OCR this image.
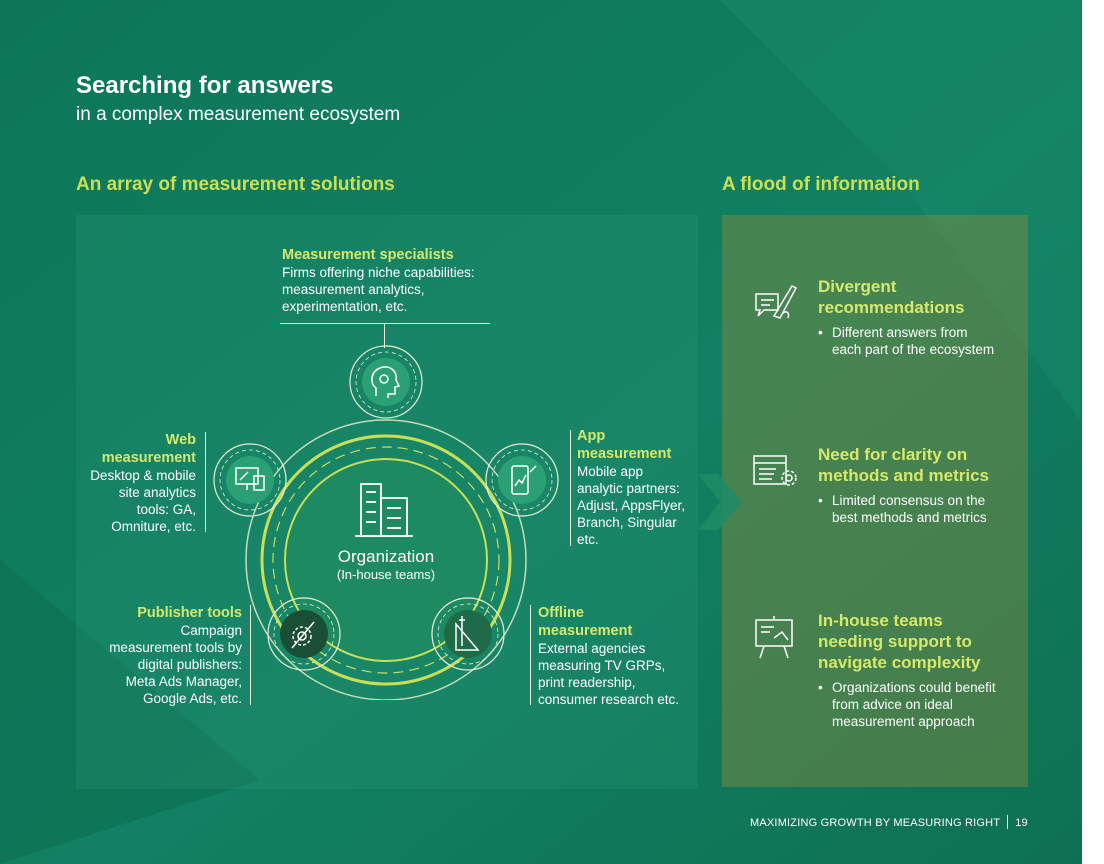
Searching for answers
in a complex measurement ecosystem
An array of measurement solutions	A flood of information
Organization
(In-house teams)
Measurement specialists
Firms offering niche capabilities:
measurement analytics,
experimentation, etc.
App
measurement
Mobile app
analytic partners:
Adjust, AppsFlyer,
Branch, Singular
etc.
Offline
measurement
External agencies
measuring TV GRPs,
print readership,
consumer research etc.
Publisher tools
Campaign
measurement tools by
digital publishers:
Meta Ads Manager,
Google Ads, etc.
Web
measurement
Desktop & mobile
site analytics
tools: GA,
Omniture, etc.
Divergent
recommendations
• Different answers from
each part of the ecosystem
Need for clarity on
methods and metrics
• Limited consensus on the
best methods and metrics
In-house teams
needing support to
navigate complexity
• Organizations could benefit
from advice on ideal
measurement approach
MAXIMIZING GROWTH BY MEASURING RIGHT 19
